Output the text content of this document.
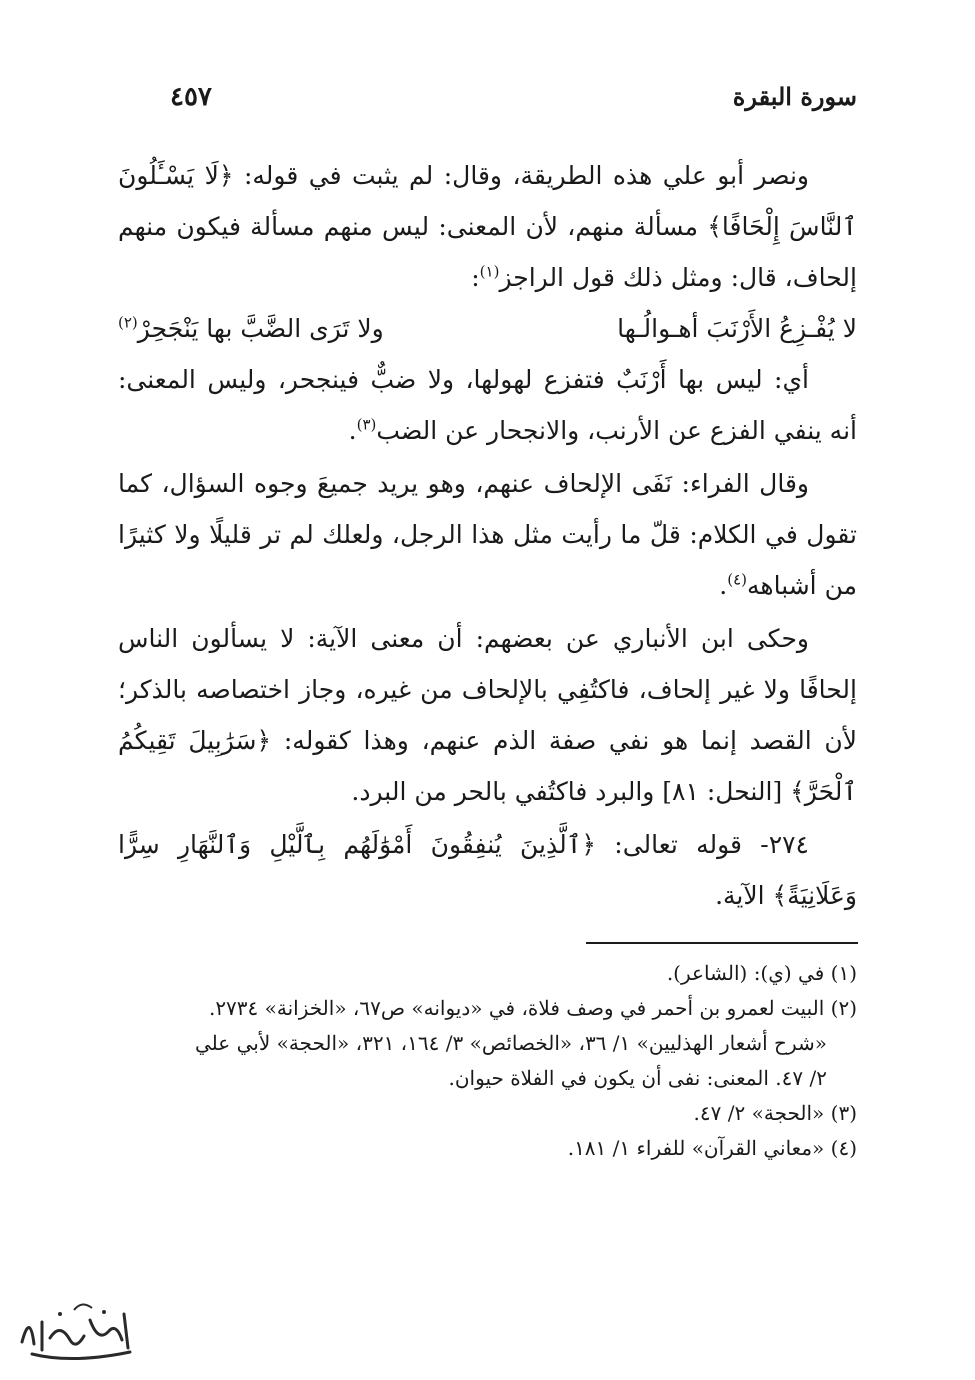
سورة البقرة
٤٥٧

ونصر أبو علي هذه الطريقة، وقال: لم يثبت في قوله: ﴿لَا يَسْـَٔلُونَ ٱلنَّاسَ إِلْحَافًا﴾ مسألة منهم، لأن المعنى: ليس منهم مسألة فيكون منهم إلحاف، قال: ومثل ذلك قول الراجز$^{(١)}$:

لا يُفْـزِعُ الأَرْنَبَ أهـوالُـها
ولا تَرَى الضَّبَّ بها يَنْجَحِرْ$^{(٢)}$

أي: ليس بها أَرْنَبٌ فتفزع لهولها، ولا ضبٌّ فينجحر، وليس المعنى: أنه ينفي الفزع عن الأرنب، والانجحار عن الضب$^{(٣)}$.

وقال الفراء: نَفَى الإلحاف عنهم، وهو يريد جميعَ وجوه السؤال، كما تقول في الكلام: قلّ ما رأيت مثل هذا الرجل، ولعلك لم تر قليلًا ولا كثيرًا من أشباهه$^{(٤)}$.

وحكى ابن الأنباري عن بعضهم: أن معنى الآية: لا يسألون الناس إلحافًا ولا غير إلحاف، فاكتُفِي بالإلحاف من غيره، وجاز اختصاصه بالذكر؛ لأن القصد إنما هو نفي صفة الذم عنهم، وهذا كقوله: ﴿سَرَٰبِيلَ تَقِيكُمُ ٱلْحَرَّ﴾ [النحل: ٨١] والبرد فاكتُفي بالحر من البرد.

٢٧٤- قوله تعالى: ﴿ٱلَّذِينَ يُنفِقُونَ أَمْوَٰلَهُم بِٱلَّيْلِ وَٱلنَّهَارِ سِرًّا وَعَلَانِيَةً﴾ الآية.

(١) في (ي): (الشاعر).

(٢) البيت لعمرو بن أحمر في وصف فلاة، في «ديوانه» ص٦٧، «الخزانة» ٢٧٣٤.

«شرح أشعار الهذليين» ١/ ٣٦، «الخصائص» ٣/ ١٦٤، ٣٢١، «الحجة» لأبي علي

٢/ ٤٧. المعنى: نفى أن يكون في الفلاة حيوان.

(٣) «الحجة» ٢/ ٤٧.

(٤) «معاني القرآن» للفراء ١/ ١٨١.
